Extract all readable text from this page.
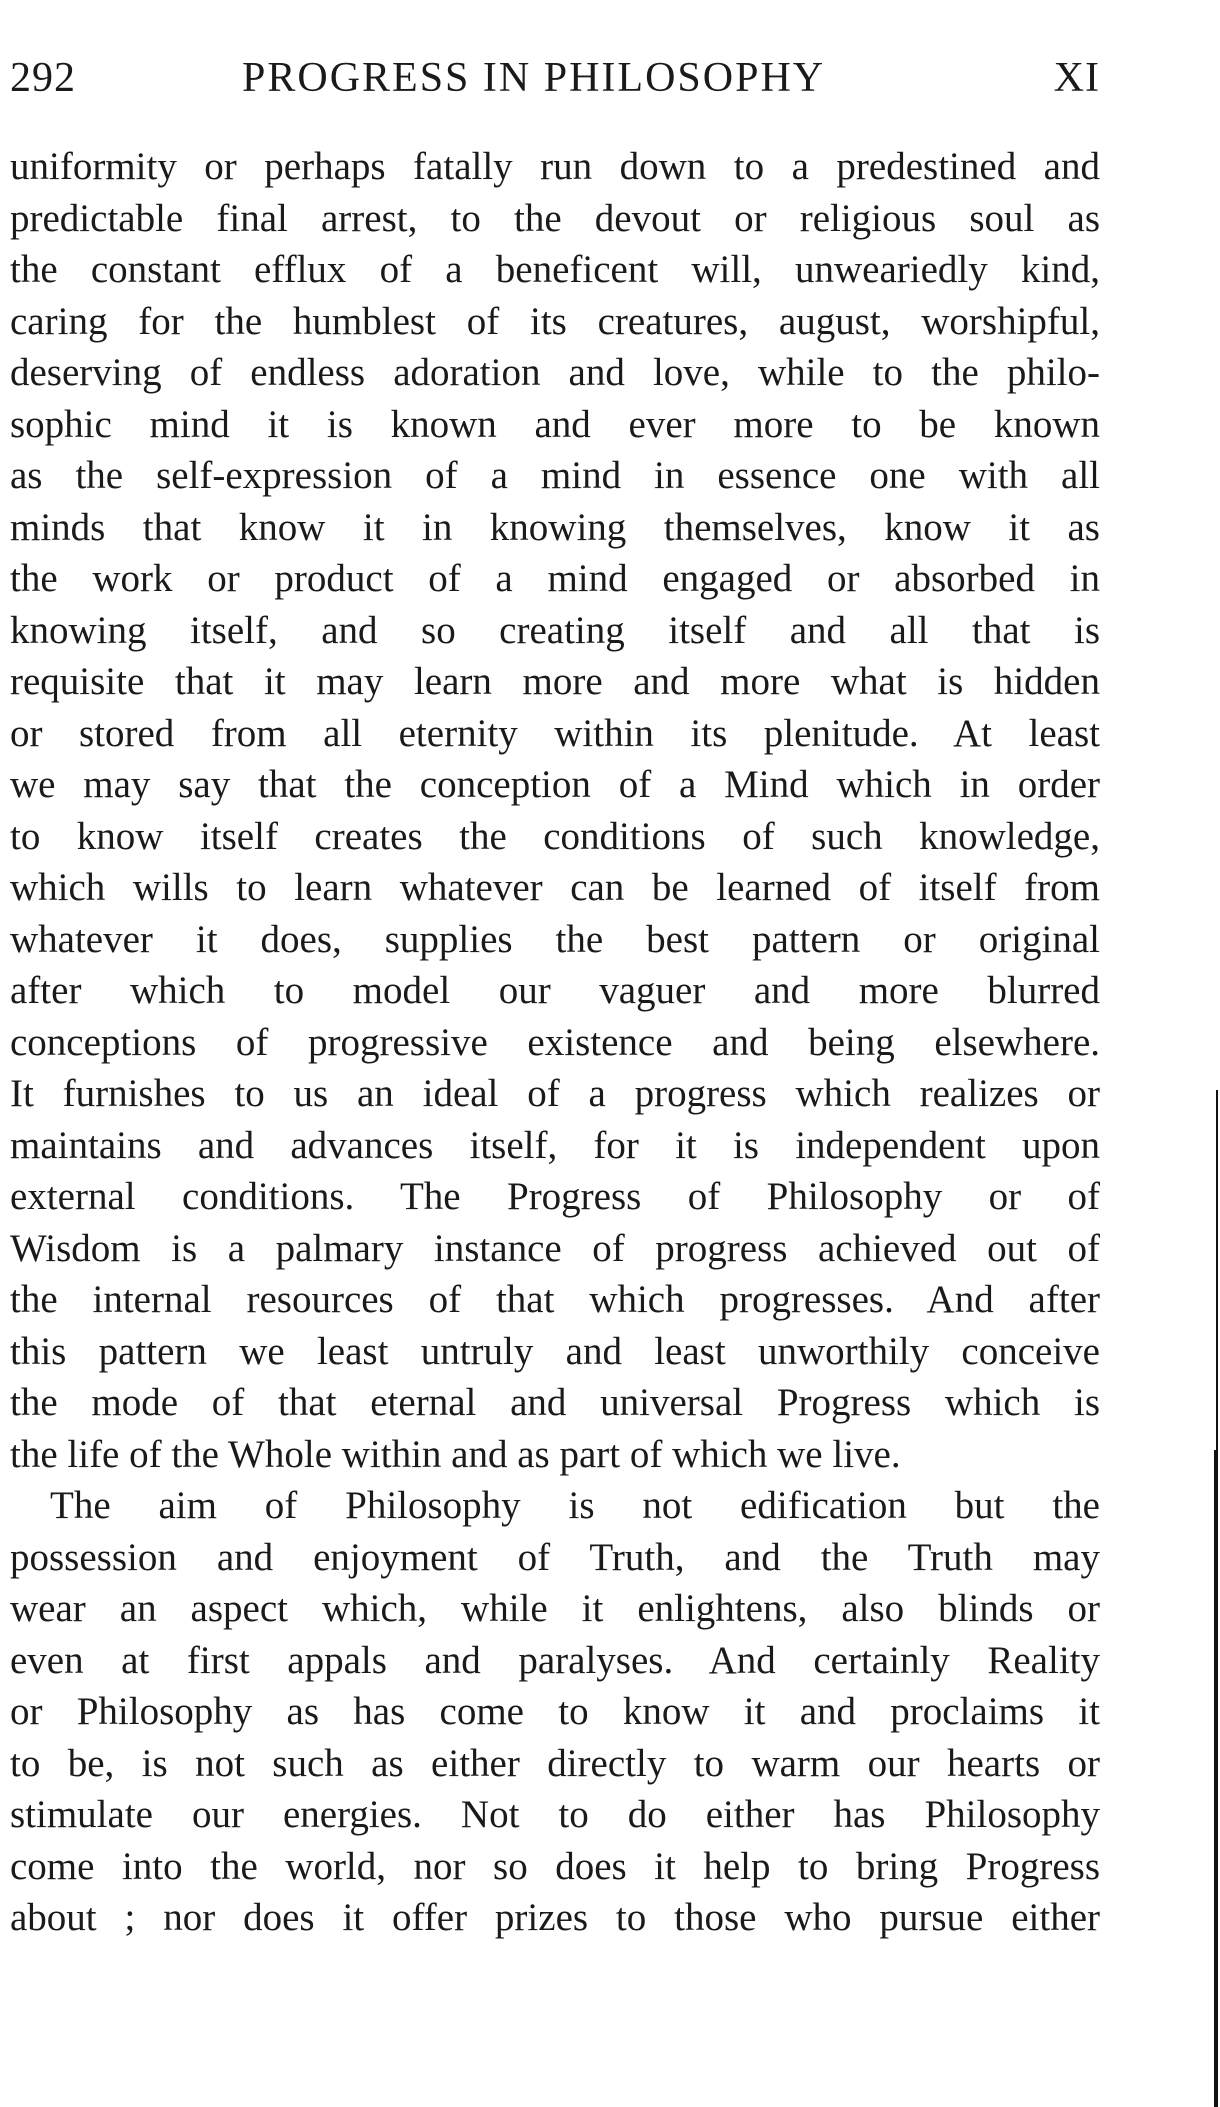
292	PROGRESS IN PHILOSOPHY	XI
uniformity or perhaps fatally run down to a predestined and
predictable final arrest, to the devout or religious soul as
the constant efflux of a beneficent will, unweariedly kind,
caring for the humblest of its creatures, august, worshipful,
deserving of endless adoration and love, while to the philo-
sophic mind it is known and ever more to be known
as the self-expression of a mind in essence one with all
minds that know it in knowing themselves, know it as
the work or product of a mind engaged or absorbed in
knowing itself, and so creating itself and all that is
requisite that it may learn more and more what is hidden
or stored from all eternity within its plenitude. At least
we may say that the conception of a Mind which in order
to know itself creates the conditions of such knowledge,
which wills to learn whatever can be learned of itself from
whatever it does, supplies the best pattern or original
after which to model our vaguer and more blurred
conceptions of progressive existence and being elsewhere.
It furnishes to us an ideal of a progress which realizes or
maintains and advances itself, for it is independent upon
external conditions. The Progress of Philosophy or of
Wisdom is a palmary instance of progress achieved out of
the internal resources of that which progresses. And after
this pattern we least untruly and least unworthily conceive
the mode of that eternal and universal Progress which is
the life of the Whole within and as part of which we live.
The aim of Philosophy is not edification but the
possession and enjoyment of Truth, and the Truth may
wear an aspect which, while it enlightens, also blinds or
even at first appals and paralyses. And certainly Reality
or Philosophy as has come to know it and proclaims it
to be, is not such as either directly to warm our hearts or
stimulate our energies. Not to do either has Philosophy
come into the world, nor so does it help to bring Progress
about ; nor does it offer prizes to those who pursue either
